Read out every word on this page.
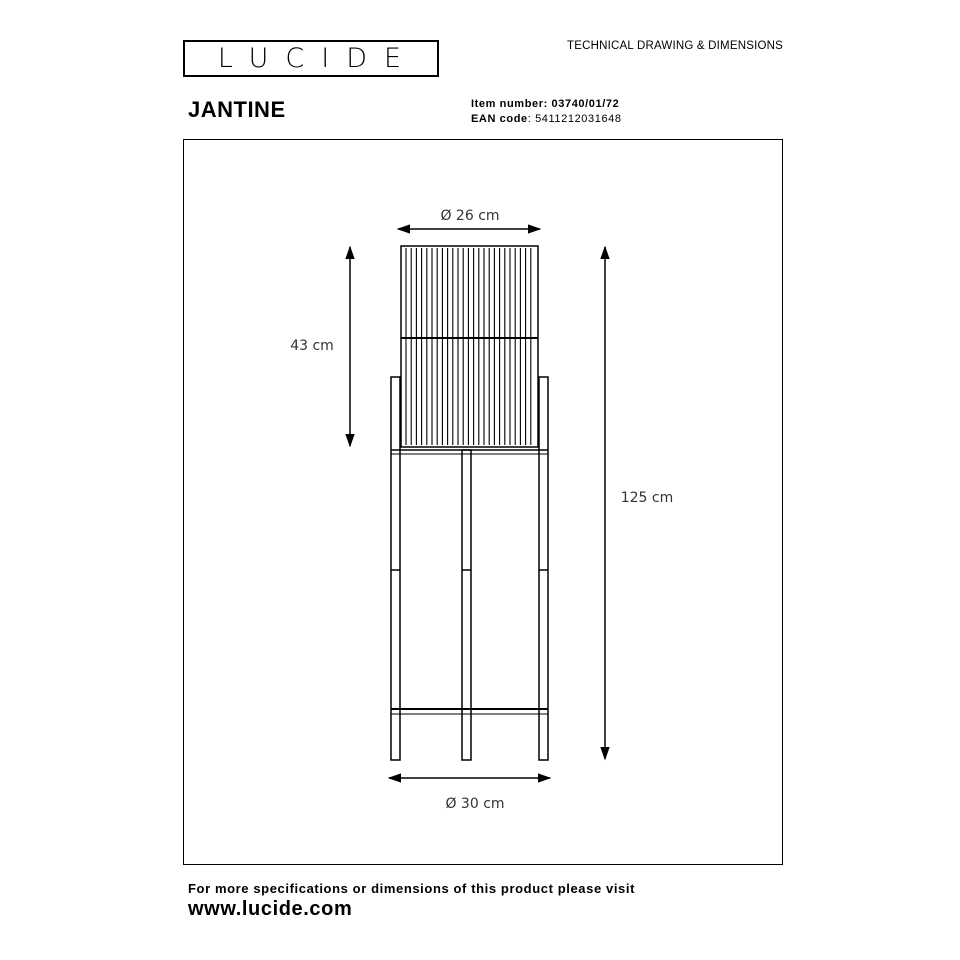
LUCIDE	TECHNICAL DRAWING & DIMENSIONS
JANTINE	Item number: 03740/01/72
EAN code: 5411212031648
Ø 26 cm
43 cm
125 cm
Ø 30 cm
For more specifications or dimensions of this product please visit
www.lucide.com
